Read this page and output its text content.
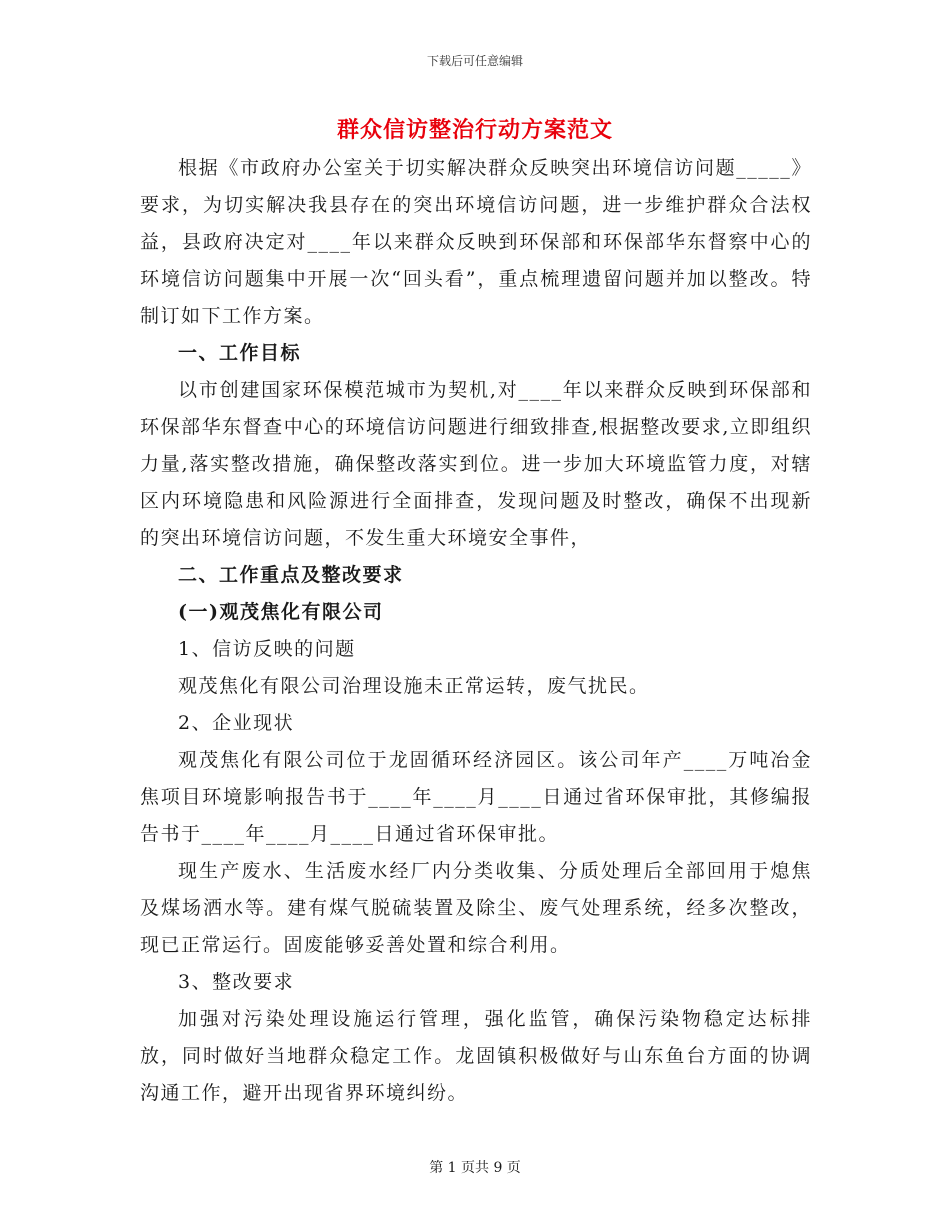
下载后可任意编辑
群众信访整治行动方案范文

根据《市政府办公室关于切实解决群众反映突出环境信访问题_____》要求，为切实解决我县存在的突出环境信访问题，进一步维护群众合法权益，县政府决定对____年以来群众反映到环保部和环保部华东督察中心的环境信访问题集中开展一次“回头看”，重点梳理遗留问题并加以整改。特制订如下工作方案。

一、工作目标

以市创建国家环保模范城市为契机,对____年以来群众反映到环保部和环保部华东督查中心的环境信访问题进行细致排查,根据整改要求,立即组织力量,落实整改措施，确保整改落实到位。进一步加大环境监管力度，对辖区内环境隐患和风险源进行全面排查，发现问题及时整改，确保不出现新的突出环境信访问题，不发生重大环境安全事件，

二、工作重点及整改要求

(一)观茂焦化有限公司

1、信访反映的问题

观茂焦化有限公司治理设施未正常运转，废气扰民。

2、企业现状

观茂焦化有限公司位于龙固循环经济园区。该公司年产____万吨冶金焦项目环境影响报告书于____年____月____日通过省环保审批，其修编报告书于____年____月____日通过省环保审批。

现生产废水、生活废水经厂内分类收集、分质处理后全部回用于熄焦及煤场洒水等。建有煤气脱硫装置及除尘、废气处理系统，经多次整改，现已正常运行。固废能够妥善处置和综合利用。

3、整改要求

加强对污染处理设施运行管理，强化监管，确保污染物稳定达标排放，同时做好当地群众稳定工作。龙固镇积极做好与山东鱼台方面的协调沟通工作，避开出现省界环境纠纷。

第 1 页共 9 页
